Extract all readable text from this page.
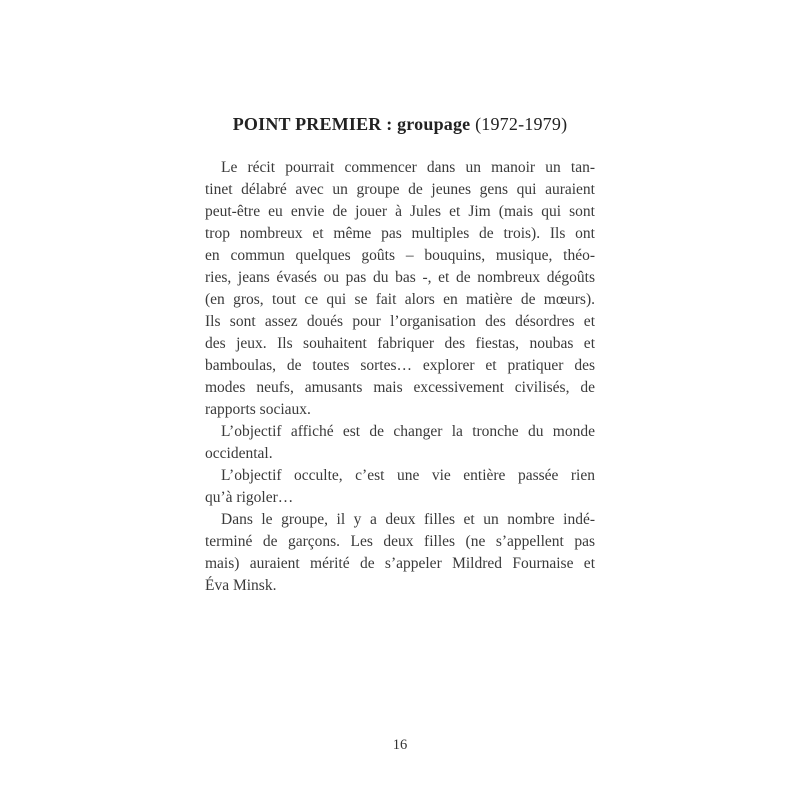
POINT PREMIER : groupage (1972-1979)
Le récit pourrait commencer dans un manoir un tan-
tinet délabré avec un groupe de jeunes gens qui auraient
peut-être eu envie de jouer à Jules et Jim (mais qui sont
trop nombreux et même pas multiples de trois). Ils ont
en commun quelques goûts – bouquins, musique, théo-
ries, jeans évasés ou pas du bas -, et de nombreux dégoûts
(en gros, tout ce qui se fait alors en matière de mœurs).
Ils sont assez doués pour l’organisation des désordres et
des jeux. Ils souhaitent fabriquer des fiestas, noubas et
bamboulas, de toutes sortes… explorer et pratiquer des
modes neufs, amusants mais excessivement civilisés, de
rapports sociaux.
L’objectif affiché est de changer la tronche du monde
occidental.
L’objectif occulte, c’est une vie entière passée rien
qu’à rigoler…
Dans le groupe, il y a deux filles et un nombre indé-
terminé de garçons. Les deux filles (ne s’appellent pas
mais) auraient mérité de s’appeler Mildred Fournaise et
Éva Minsk.
16
